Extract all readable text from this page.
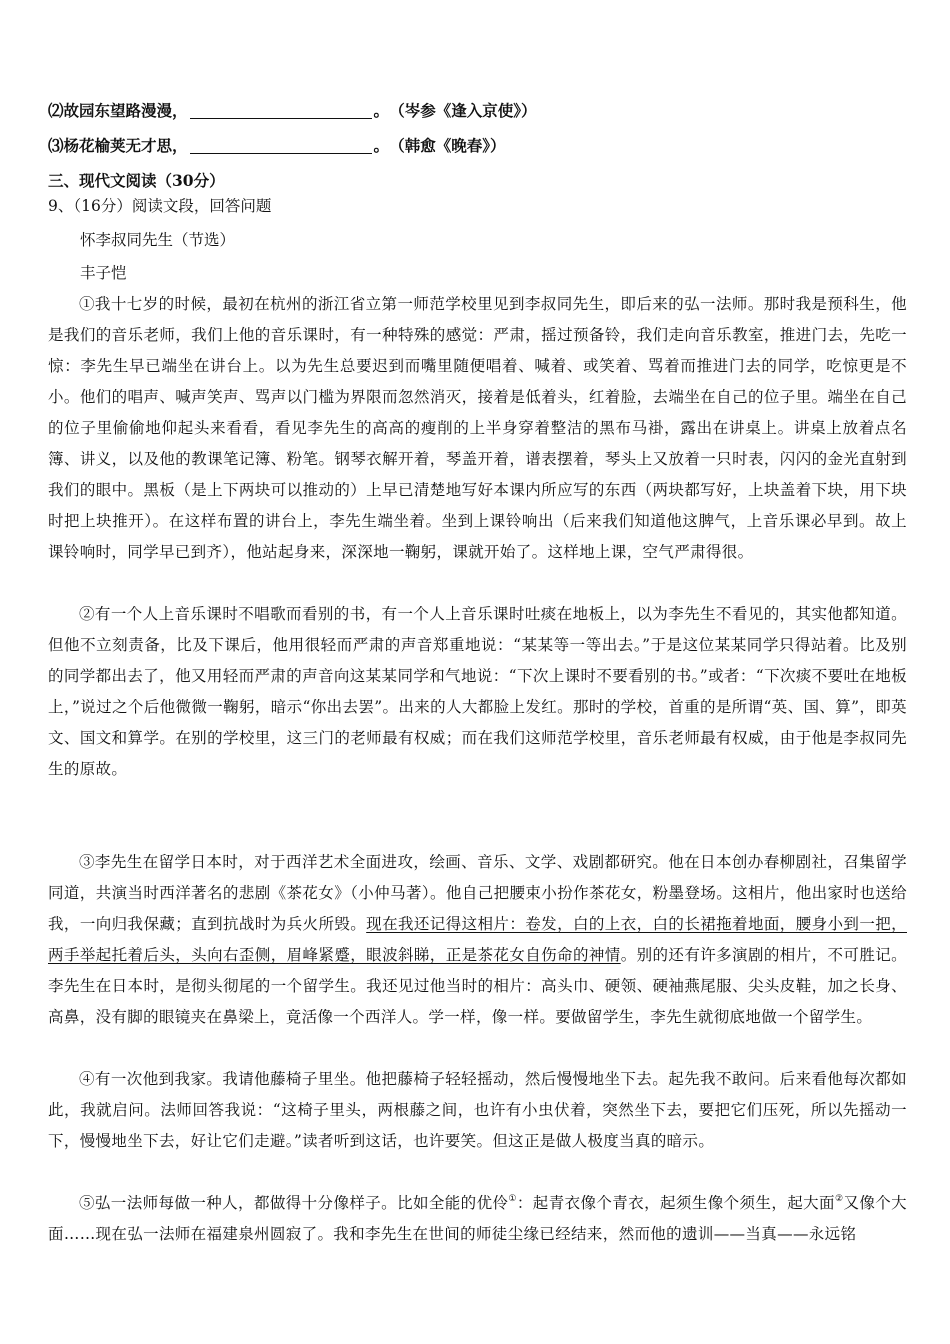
⑵故园东望路漫漫，	。 （岑参《逢入京使》）

⑶杨花榆荚无才思，	。 （韩愈《晚春》）

三、现代文阅读（30分）

9、（16分）阅读文段，回答问题

怀李叔同先生（节选）

丰子恺

①我十七岁的时候，最初在杭州的浙江省立第一师范学校里见到李叔同先生，即后来的弘一法师。那时我是预科生，他是我们的音乐老师，我们上他的音乐课时，有一种特殊的感觉：严肃，摇过预备铃，我们走向音乐教室，推进门去，先吃一惊：李先生早已端坐在讲台上。以为先生总要迟到而嘴里随便唱着、喊着、或笑着、骂着而推进门去的同学，吃惊更是不小。他们的唱声、喊声笑声、骂声以门槛为界限而忽然消灭，接着是低着头，红着脸，去端坐在自己的位子里。端坐在自己的位子里偷偷地仰起头来看看，看见李先生的高高的瘦削的上半身穿着整洁的黑布马褂，露出在讲桌上。讲桌上放着点名簿、讲义，以及他的教课笔记簿、粉笔。钢琴衣解开着，琴盖开着，谱表摆着，琴头上又放着一只时表，闪闪的金光直射到我们的眼中。黑板（是上下两块可以推动的）上早已清楚地写好本课内所应写的东西（两块都写好，上块盖着下块，用下块时把上块推开）。在这样布置的讲台上，李先生端坐着。坐到上课铃响出（后来我们知道他这脾气，上音乐课必早到。故上课铃响时，同学早已到齐），他站起身来，深深地一鞠躬，课就开始了。这样地上课，空气严肃得很。

②有一个人上音乐课时不唱歌而看别的书，有一个人上音乐课时吐痰在地板上，以为李先生不看见的，其实他都知道。但他不立刻责备，比及下课后，他用很轻而严肃的声音郑重地说：“某某等一等出去。”于是这位某某同学只得站着。比及别的同学都出去了，他又用轻而严肃的声音向这某某同学和气地说：“下次上课时不要看别的书。”或者：“下次痰不要吐在地板上，”说过之个后他微微一鞠躬，暗示“你出去罢”。出来的人大都脸上发红。那时的学校，首重的是所谓“英、国、算”，即英文、国文和算学。在别的学校里，这三门的老师最有权威；而在我们这师范学校里，音乐老师最有权威，由于他是李叔同先生的原故。

③李先生在留学日本时，对于西洋艺术全面进攻，绘画、音乐、文学、戏剧都研究。他在日本创办春柳剧社，召集留学同道，共演当时西洋著名的悲剧《茶花女》（小仲马著）。他自己把腰束小扮作茶花女，粉墨登场。这相片，他出家时也送给我，一向归我保藏；直到抗战时为兵火所毁。现在我还记得这相片：卷发，白的上衣，白的长裙拖着地面，腰身小到一把，两手举起托着后头，头向右歪侧，眉峰紧蹙，眼波斜睇，正是茶花女自伤命的神情。别的还有许多演剧的相片，不可胜记。李先生在日本时，是彻头彻尾的一个留学生。我还见过他当时的相片：高头巾、硬领、硬袖燕尾服、尖头皮鞋，加之长身、高鼻，没有脚的眼镜夹在鼻梁上，竟活像一个西洋人。学一样，像一样。要做留学生，李先生就彻底地做一个留学生。

④有一次他到我家。我请他藤椅子里坐。他把藤椅子轻轻摇动，然后慢慢地坐下去。起先我不敢问。后来看他每次都如此，我就启问。法师回答我说：“这椅子里头，两根藤之间，也许有小虫伏着，突然坐下去，要把它们压死，所以先摇动一下，慢慢地坐下去，好让它们走避。”读者听到这话，也许要笑。但这正是做人极度当真的暗示。

⑤弘一法师每做一种人，都做得十分像样子。比如全能的优伶①：起青衣像个青衣，起须生像个须生，起大面②又像个大面……现在弘一法师在福建泉州圆寂了。我和李先生在世间的师徒尘缘已经结来，然而他的遗训——当真——永远铭
